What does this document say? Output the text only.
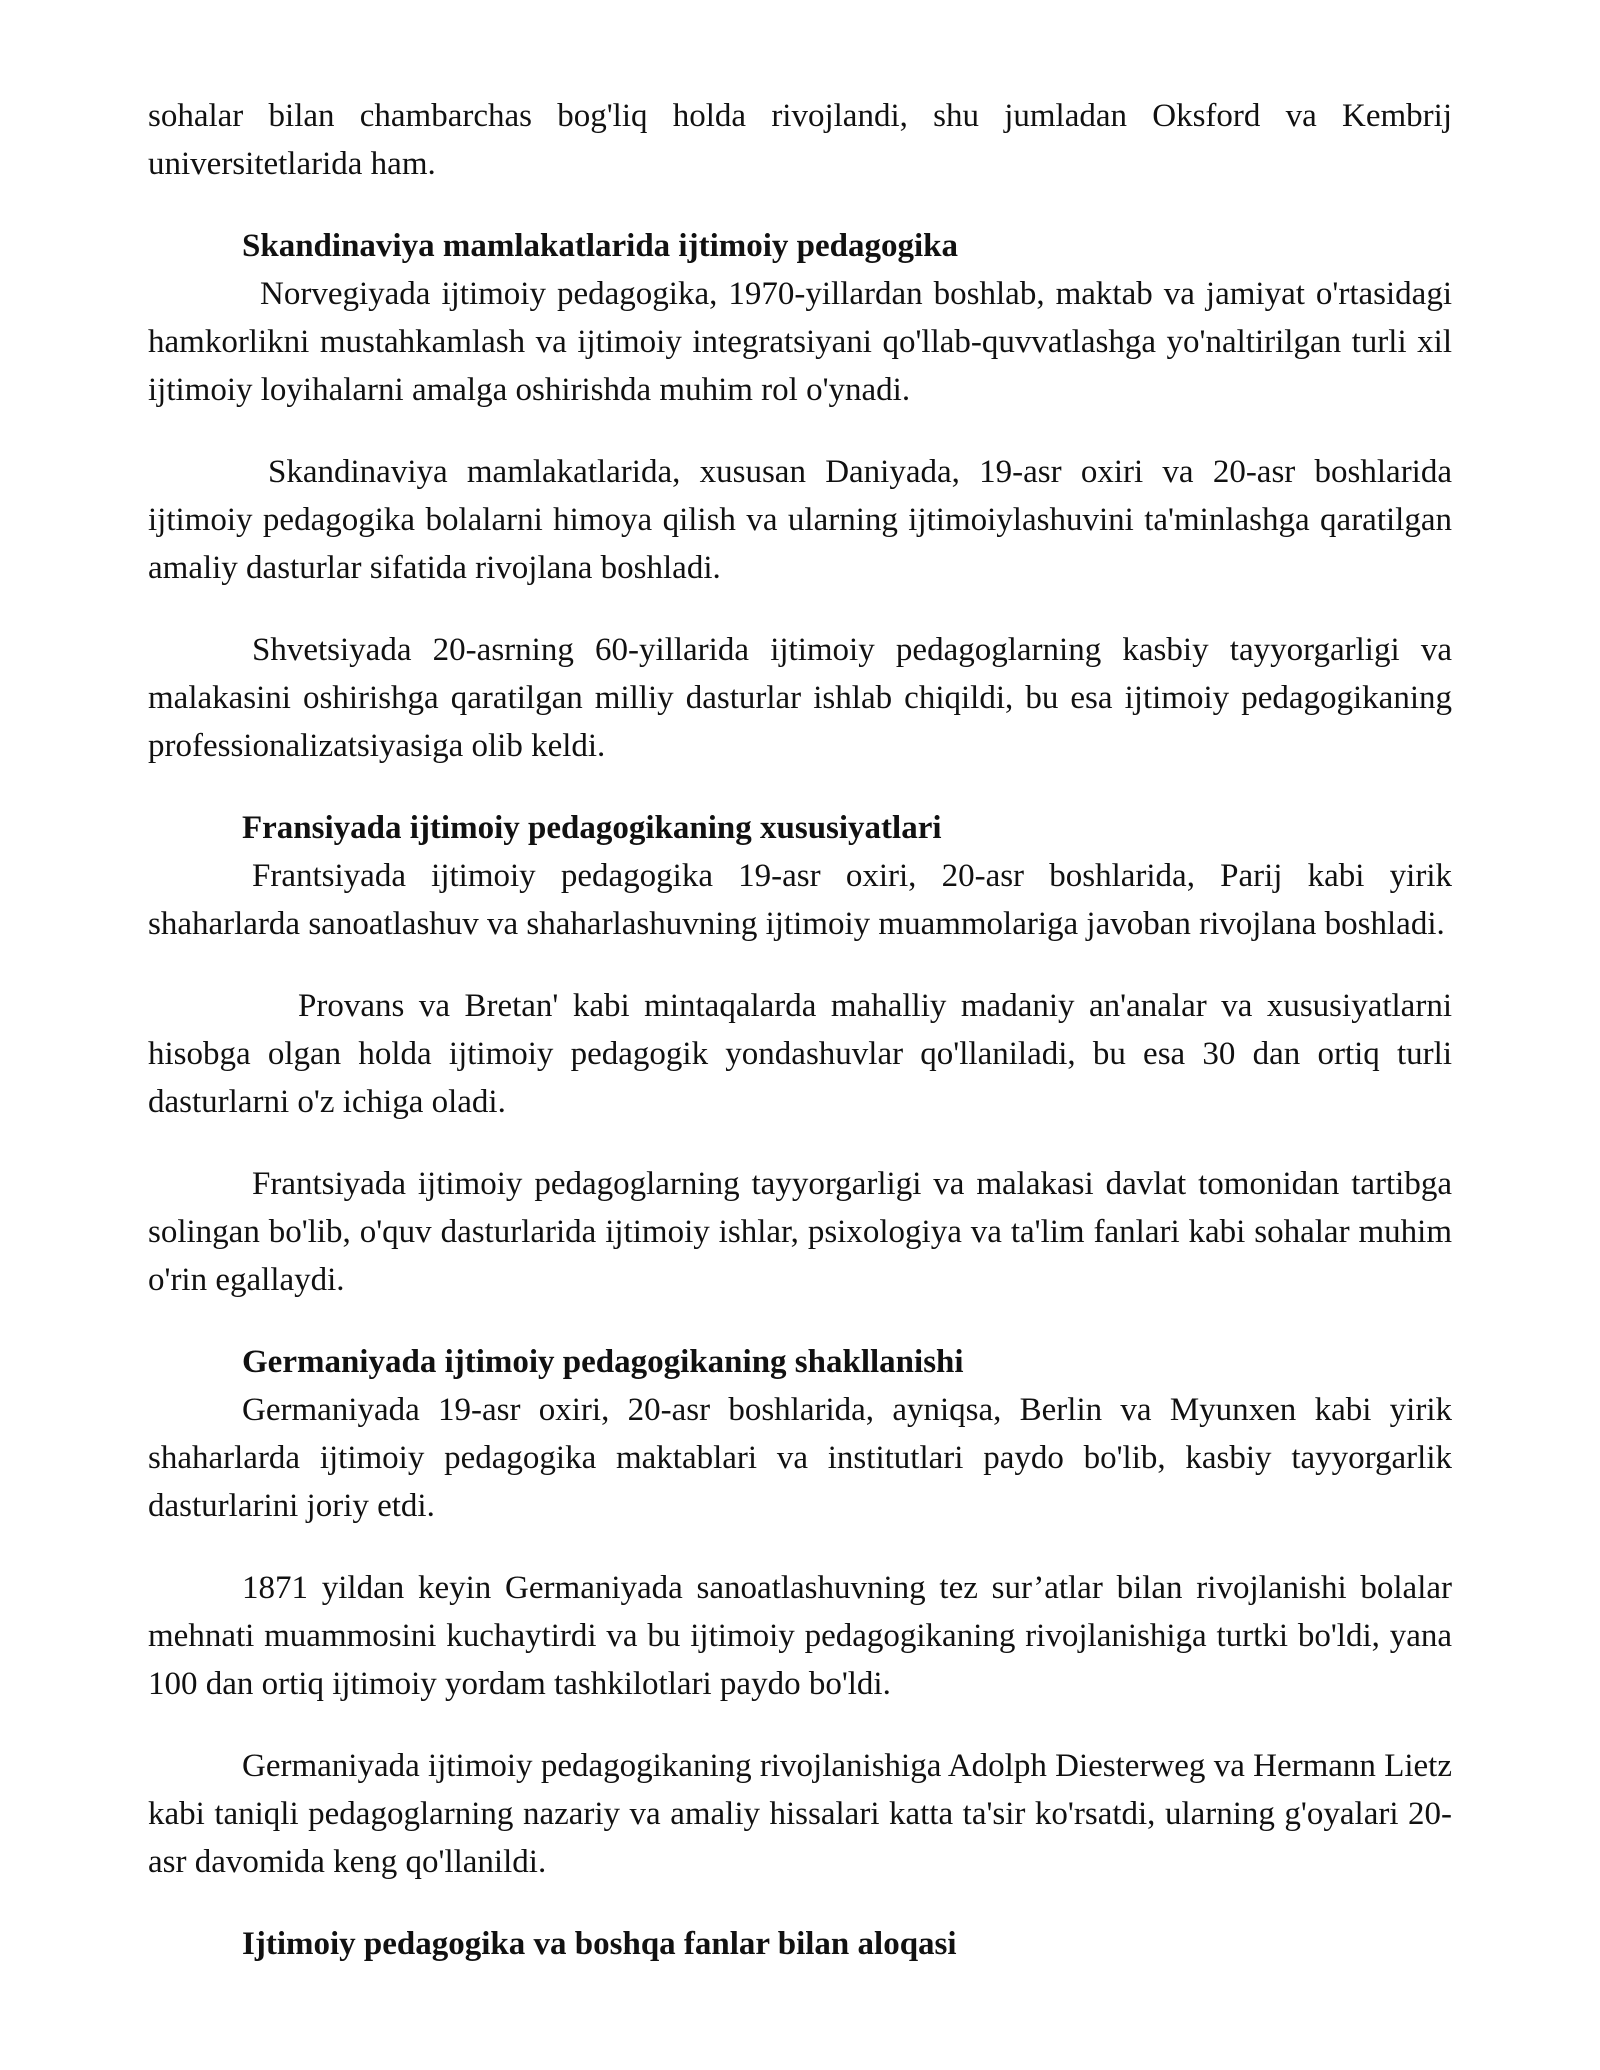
sohalar bilan chambarchas bog'liq holda rivojlandi, shu jumladan Oksford va Kembrij universitetlarida ham.

Skandinaviya mamlakatlarida ijtimoiy pedagogika

Norvegiyada ijtimoiy pedagogika, 1970-yillardan boshlab, maktab va jamiyat o'rtasidagi hamkorlikni mustahkamlash va ijtimoiy integratsiyani qo'llab-quvvatlashga yo'naltirilgan turli xil ijtimoiy loyihalarni amalga oshirishda muhim rol o'ynadi.

Skandinaviya mamlakatlarida, xususan Daniyada, 19-asr oxiri va 20-asr boshlarida ijtimoiy pedagogika bolalarni himoya qilish va ularning ijtimoiylashuvini ta'minlashga qaratilgan amaliy dasturlar sifatida rivojlana boshladi.

Shvetsiyada 20-asrning 60-yillarida ijtimoiy pedagoglarning kasbiy tayyorgarligi va malakasini oshirishga qaratilgan milliy dasturlar ishlab chiqildi, bu esa ijtimoiy pedagogikaning professionalizatsiyasiga olib keldi.

Fransiyada ijtimoiy pedagogikaning xususiyatlari

Frantsiyada ijtimoiy pedagogika 19-asr oxiri, 20-asr boshlarida, Parij kabi yirik shaharlarda sanoatlashuv va shaharlashuvning ijtimoiy muammolariga javoban rivojlana boshladi.

Provans va Bretan' kabi mintaqalarda mahalliy madaniy an'analar va xususiyatlarni hisobga olgan holda ijtimoiy pedagogik yondashuvlar qo'llaniladi, bu esa 30 dan ortiq turli dasturlarni o'z ichiga oladi.

Frantsiyada ijtimoiy pedagoglarning tayyorgarligi va malakasi davlat tomonidan tartibga solingan bo'lib, o'quv dasturlarida ijtimoiy ishlar, psixologiya va ta'lim fanlari kabi sohalar muhim o'rin egallaydi.

Germaniyada ijtimoiy pedagogikaning shakllanishi

Germaniyada 19-asr oxiri, 20-asr boshlarida, ayniqsa, Berlin va Myunxen kabi yirik shaharlarda ijtimoiy pedagogika maktablari va institutlari paydo bo'lib, kasbiy tayyorgarlik dasturlarini joriy etdi.

1871 yildan keyin Germaniyada sanoatlashuvning tez sur’atlar bilan rivojlanishi bolalar mehnati muammosini kuchaytirdi va bu ijtimoiy pedagogikaning rivojlanishiga turtki bo'ldi, yana 100 dan ortiq ijtimoiy yordam tashkilotlari paydo bo'ldi.

Germaniyada ijtimoiy pedagogikaning rivojlanishiga Adolph Diesterweg va Hermann Lietz kabi taniqli pedagoglarning nazariy va amaliy hissalari katta ta'sir ko'rsatdi, ularning g'oyalari 20-asr davomida keng qo'llanildi.

Ijtimoiy pedagogika va boshqa fanlar bilan aloqasi
